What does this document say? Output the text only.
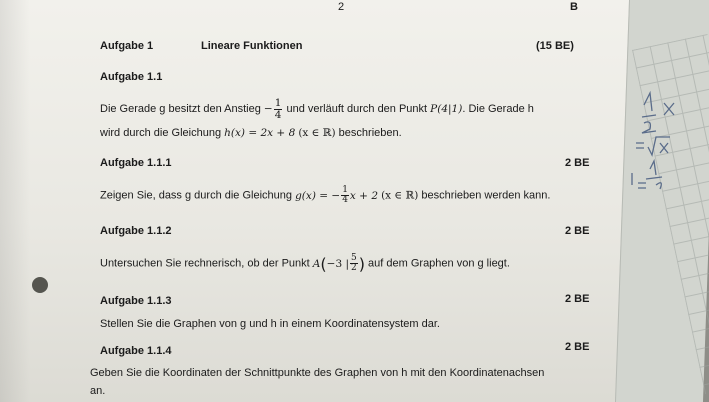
2	B
Aufgabe 1	Lineare Funktionen	(15 BE)
Aufgabe 1.1
Die Gerade g besitzt den Anstieg − $\frac{1}{4}$ und verläuft durch den Punkt P(4|1). Die Gerade h
wird durch die Gleichung h(x) = 2x + 8 (x ∈ ℝ) beschrieben.
Aufgabe 1.1.1	2 BE
Zeigen Sie, dass g durch die Gleichung g(x) = − $\frac{1}{4}$ x + 2 (x ∈ ℝ) beschrieben werden kann.
Aufgabe 1.1.2	2 BE
Untersuchen Sie rechnerisch, ob der Punkt A(−3 | $\frac{5}{2}$ ) auf dem Graphen von g liegt.
Aufgabe 1.1.3	2 BE
Stellen Sie die Graphen von g und h in einem Koordinatensystem dar.
Aufgabe 1.1.4	2 BE
Geben Sie die Koordinaten der Schnittpunkte des Graphen von h mit den Koordinatenachsen
an.
